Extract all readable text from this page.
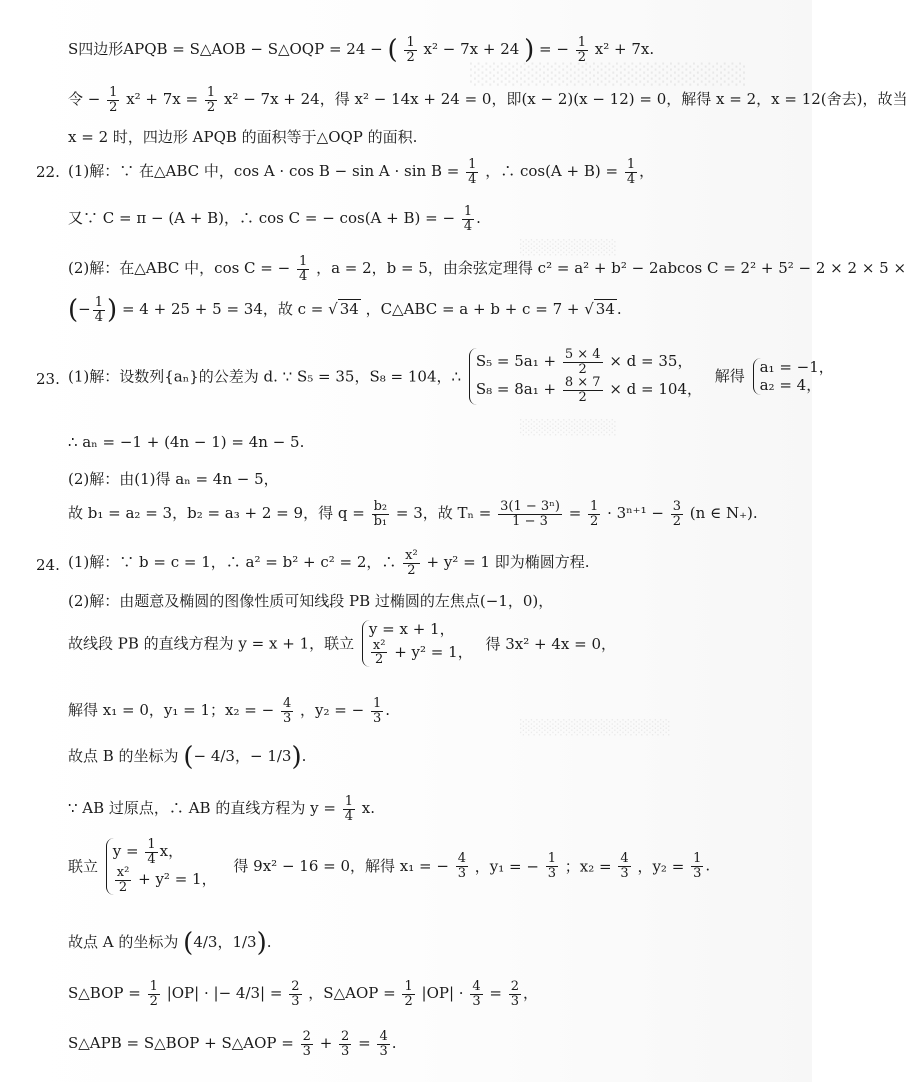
░░░░░░░░░░░░░░░░░░
░░░░░░░░░
░░░░░░░░░
░░░░░░░░░░░░░░
S四边形APQB = S△AOB − S△OQP = 24 − ( $\frac{1}{2} x^2 - 7x + 24$ ) = − $\frac{1}{2} x^2 + 7x$.
令 − $\frac{1}{2} x^2 + 7x = \frac{1}{2} x^2 - 7x + 24$，得 x² − 14x + 24 = 0，即(x − 2)(x − 12) = 0，解得 x = 2，x = 12(舍去)，故当
x = 2 时，四边形 APQB 的面积等于△OQP 的面积.
22. (1)解：∵ 在△ABC 中，$\cos A \cdot \cos B - \sin A \cdot \sin B = \frac{1}{4}$ ，∴ $\cos(A + B) = \frac{1}{4}$ ，
又∵ C = π − (A + B)，∴ cos C = − cos(A + B) = − $\frac{1}{4}$ .
(2)解：在△ABC 中，cos C = − $\frac{1}{4}$ ，a = 2，b = 5，由余弦定理得 c² = a² + b² − 2abcos C = 2² + 5² − 2 × 2 × 5 ×
(− $\frac{1}{4}$ ) = 4 + 25 + 5 = 34，故 c = √ 34 ，C△ABC = a + b + c = 7 + √ 34 .
23. (1)解：设数列{aₙ}的公差为 d. ∵ S₅ = 35，S₈ = 104，∴
$S_5 = 5a_1 + \frac{5 \times 4}{2} \times d = 35$，
$S_8 = 8a_1 + \frac{8 \times 7}{2} \times d = 104$，
解得
a₁ = −1，
a₂ = 4，
∴ aₙ = −1 + (4n − 1) = 4n − 5.
(2)解：由(1)得 aₙ = 4n − 5，
故 b₁ = a₂ = 3，b₂ = a₃ + 2 = 9，得 $q = \frac{\text{b₂}}{\text{b₁}} = 3$，故 $T_n = \frac{\text{3(1 − 3ⁿ)}}{1 - 3} = \frac{1}{2} \cdot 3^{n+1} - \frac{3}{2} (n$ ∈ N₊).
24. (1)解：∵ b = c = 1，∴ a² = b² + c² = 2，∴ $\frac{\text{x²}}{2} + y^2 = 1$ 即为椭圆方程.
(2)解：由题意及椭圆的图像性质可知线段 PB 过椭圆的左焦点(−1，0)，
故线段 PB 的直线方程为 y = x + 1，联立
y = x + 1，
$\frac{\text{x²}}{2} + y^2 = 1$， 得 3x² + 4x = 0，
解得 x₁ = 0，y₁ = 1；x₂ = − $\frac{4}{3}$ ，y₂ = − $\frac{1}{3}$ .
故点 B 的坐标为 (− 4/3，− 1/3).
∵ AB 过原点，∴ AB 的直线方程为 $y = \frac{1}{4} x$.
联立
$y = \frac{1}{4}$ x，
$\frac{\text{x²}}{2} + y^2 = 1$，
得 9x² − 16 = 0，解得 x₁ = − $\frac{4}{3}$ ，y₁ = − $\frac{1}{3}$ ；$x_2 = \frac{4}{3}$ ，$y_2 = \frac{1}{3}$ .
故点 A 的坐标为 (4/3，1/3).
S△BOP = $\frac{1}{2} |OP|$ · |− $4/3| = \frac{2}{3}$ ，S△AOP = $\frac{1}{2} |OP| \cdot \frac{4}{3} = \frac{2}{3}$ ，
S△APB = S△BOP + S△AOP = $\frac{2}{3} + \frac{2}{3} = \frac{4}{3}$ .
